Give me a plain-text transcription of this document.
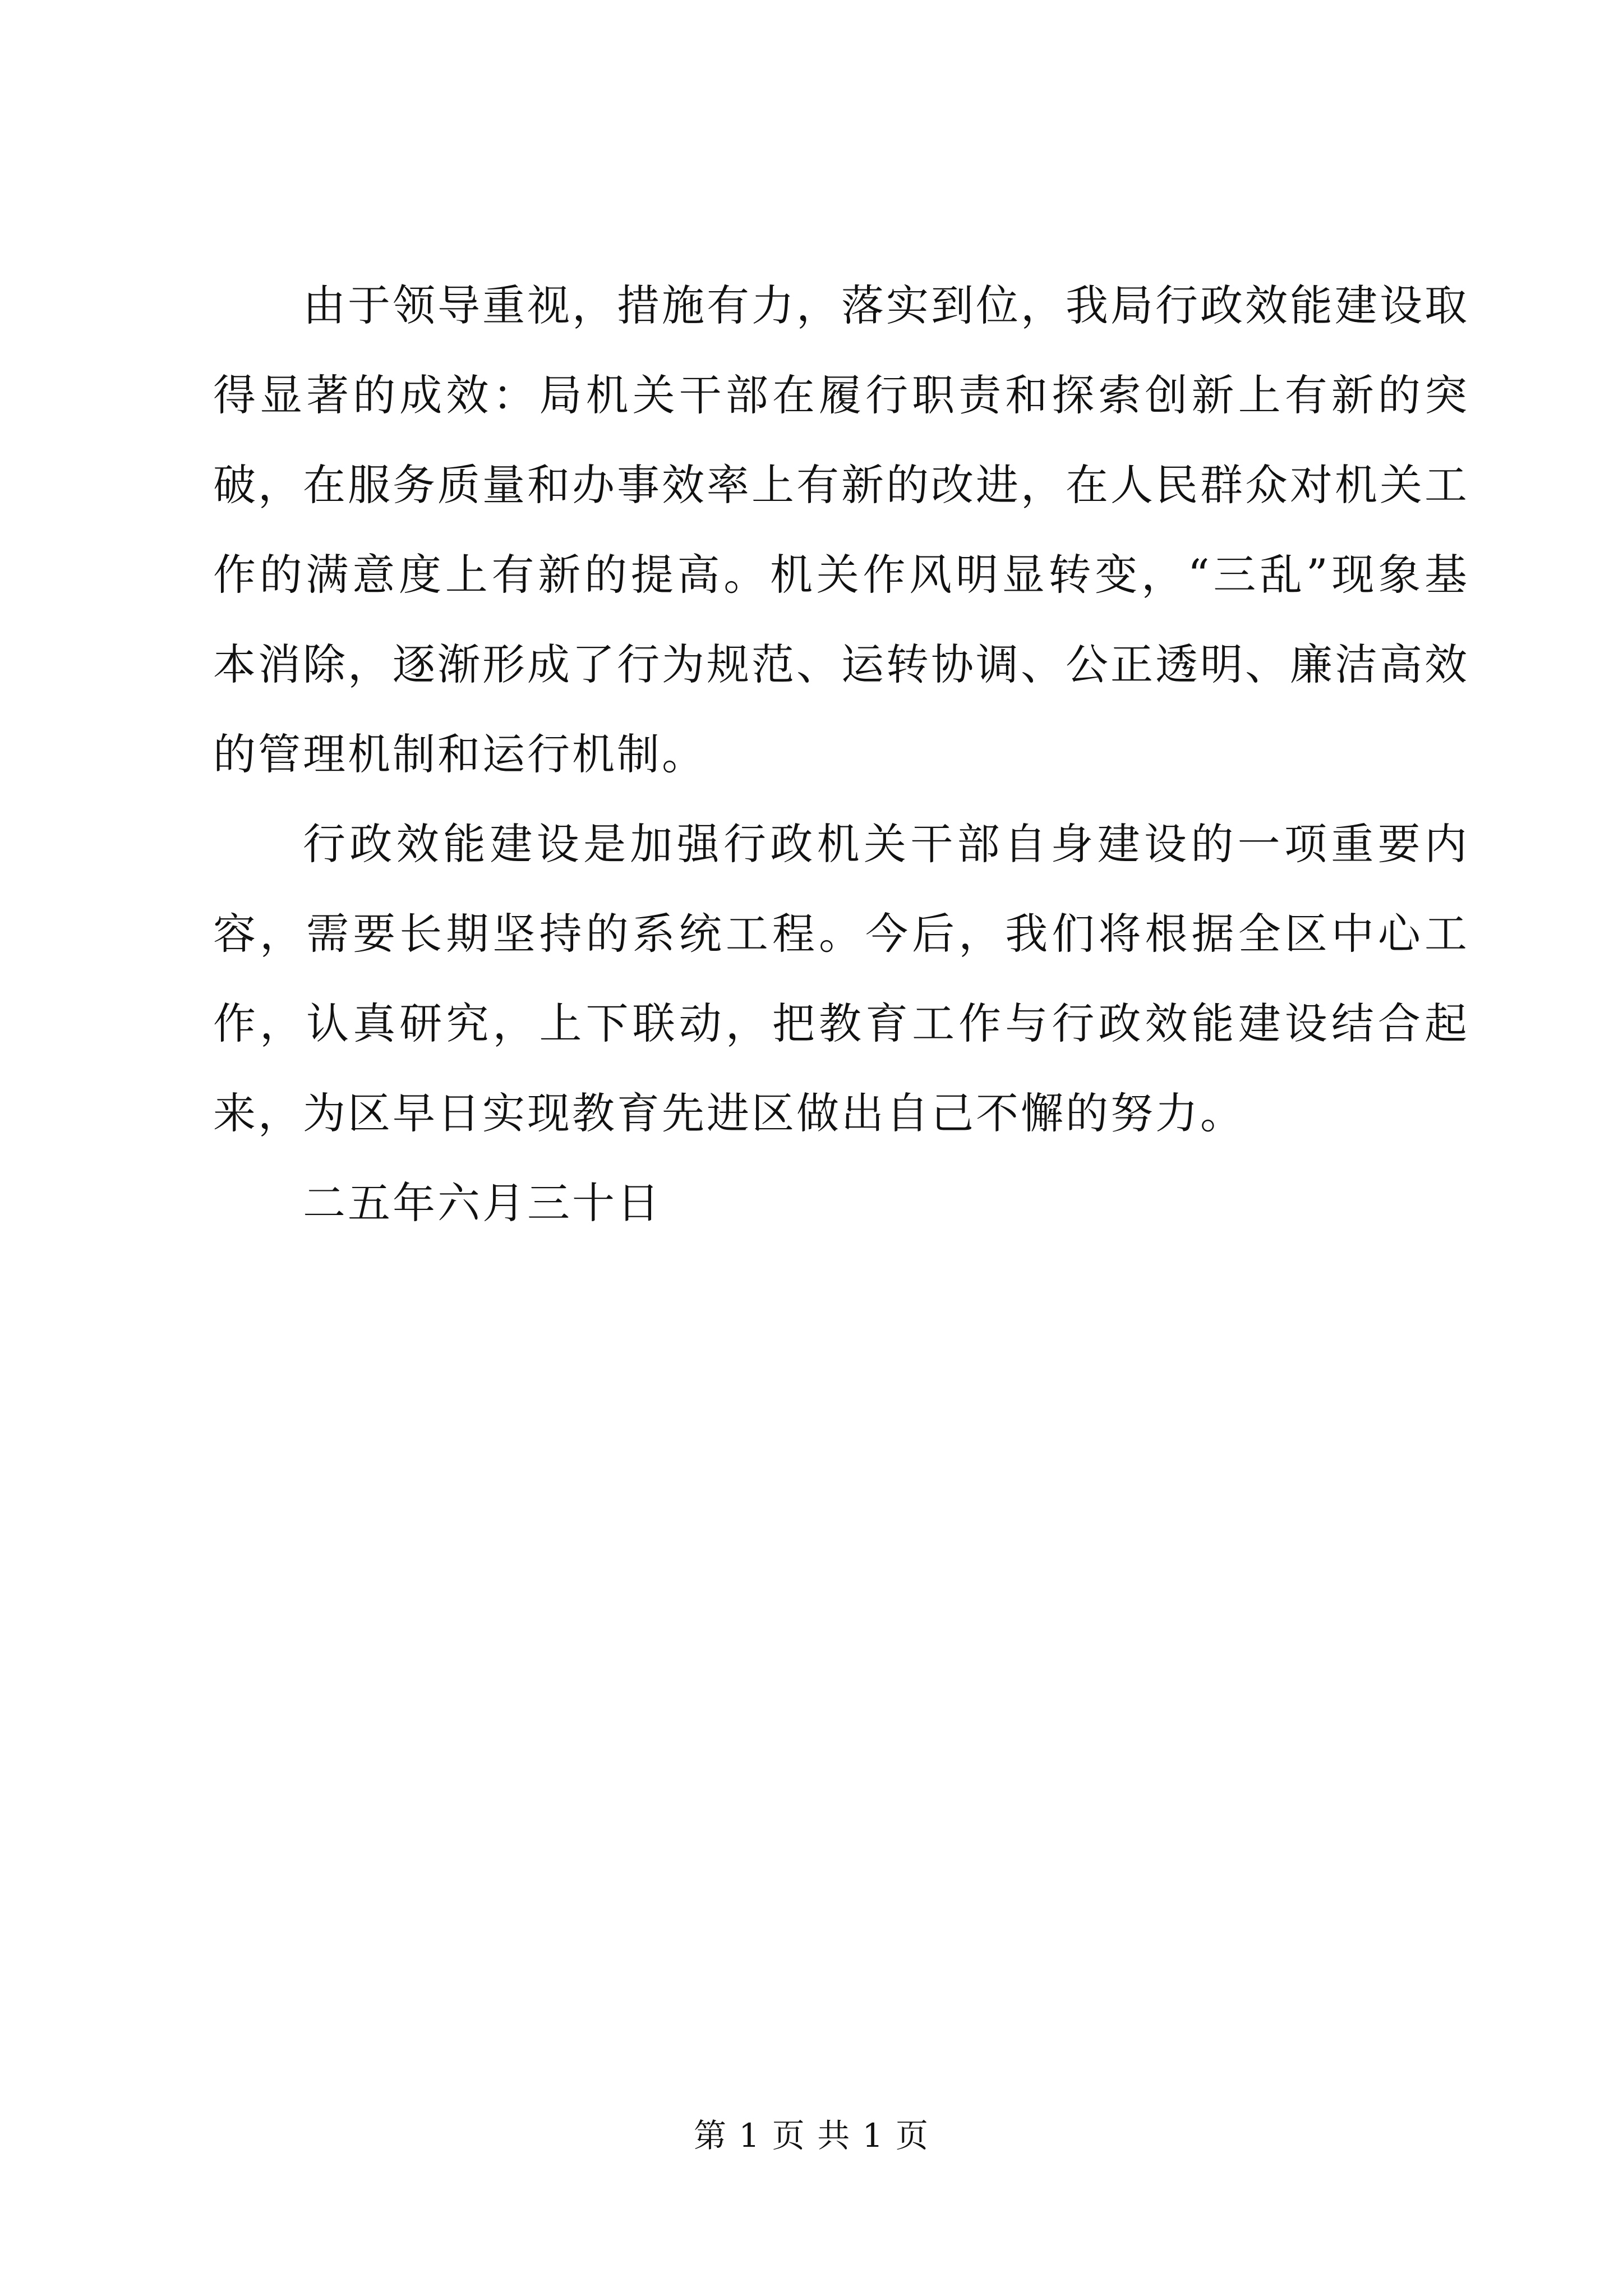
由于领导重视，措施有力，落实到位，我局行政效能建设取得显著的成效：局机关干部在履行职责和探索创新上有新的突破，在服务质量和办事效率上有新的改进，在人民群众对机关工作的满意度上有新的提高。机关作风明显转变，“三乱”现象基本消除，逐渐形成了行为规范、运转协调、公正透明、廉洁高效的管理机制和运行机制。

行政效能建设是加强行政机关干部自身建设的一项重要内容，需要长期坚持的系统工程。今后，我们将根据全区中心工作，认真研究，上下联动，把教育工作与行政效能建设结合起来，为区早日实现教育先进区做出自己不懈的努力。

二五年六月三十日

第 1 页 共 1 页
